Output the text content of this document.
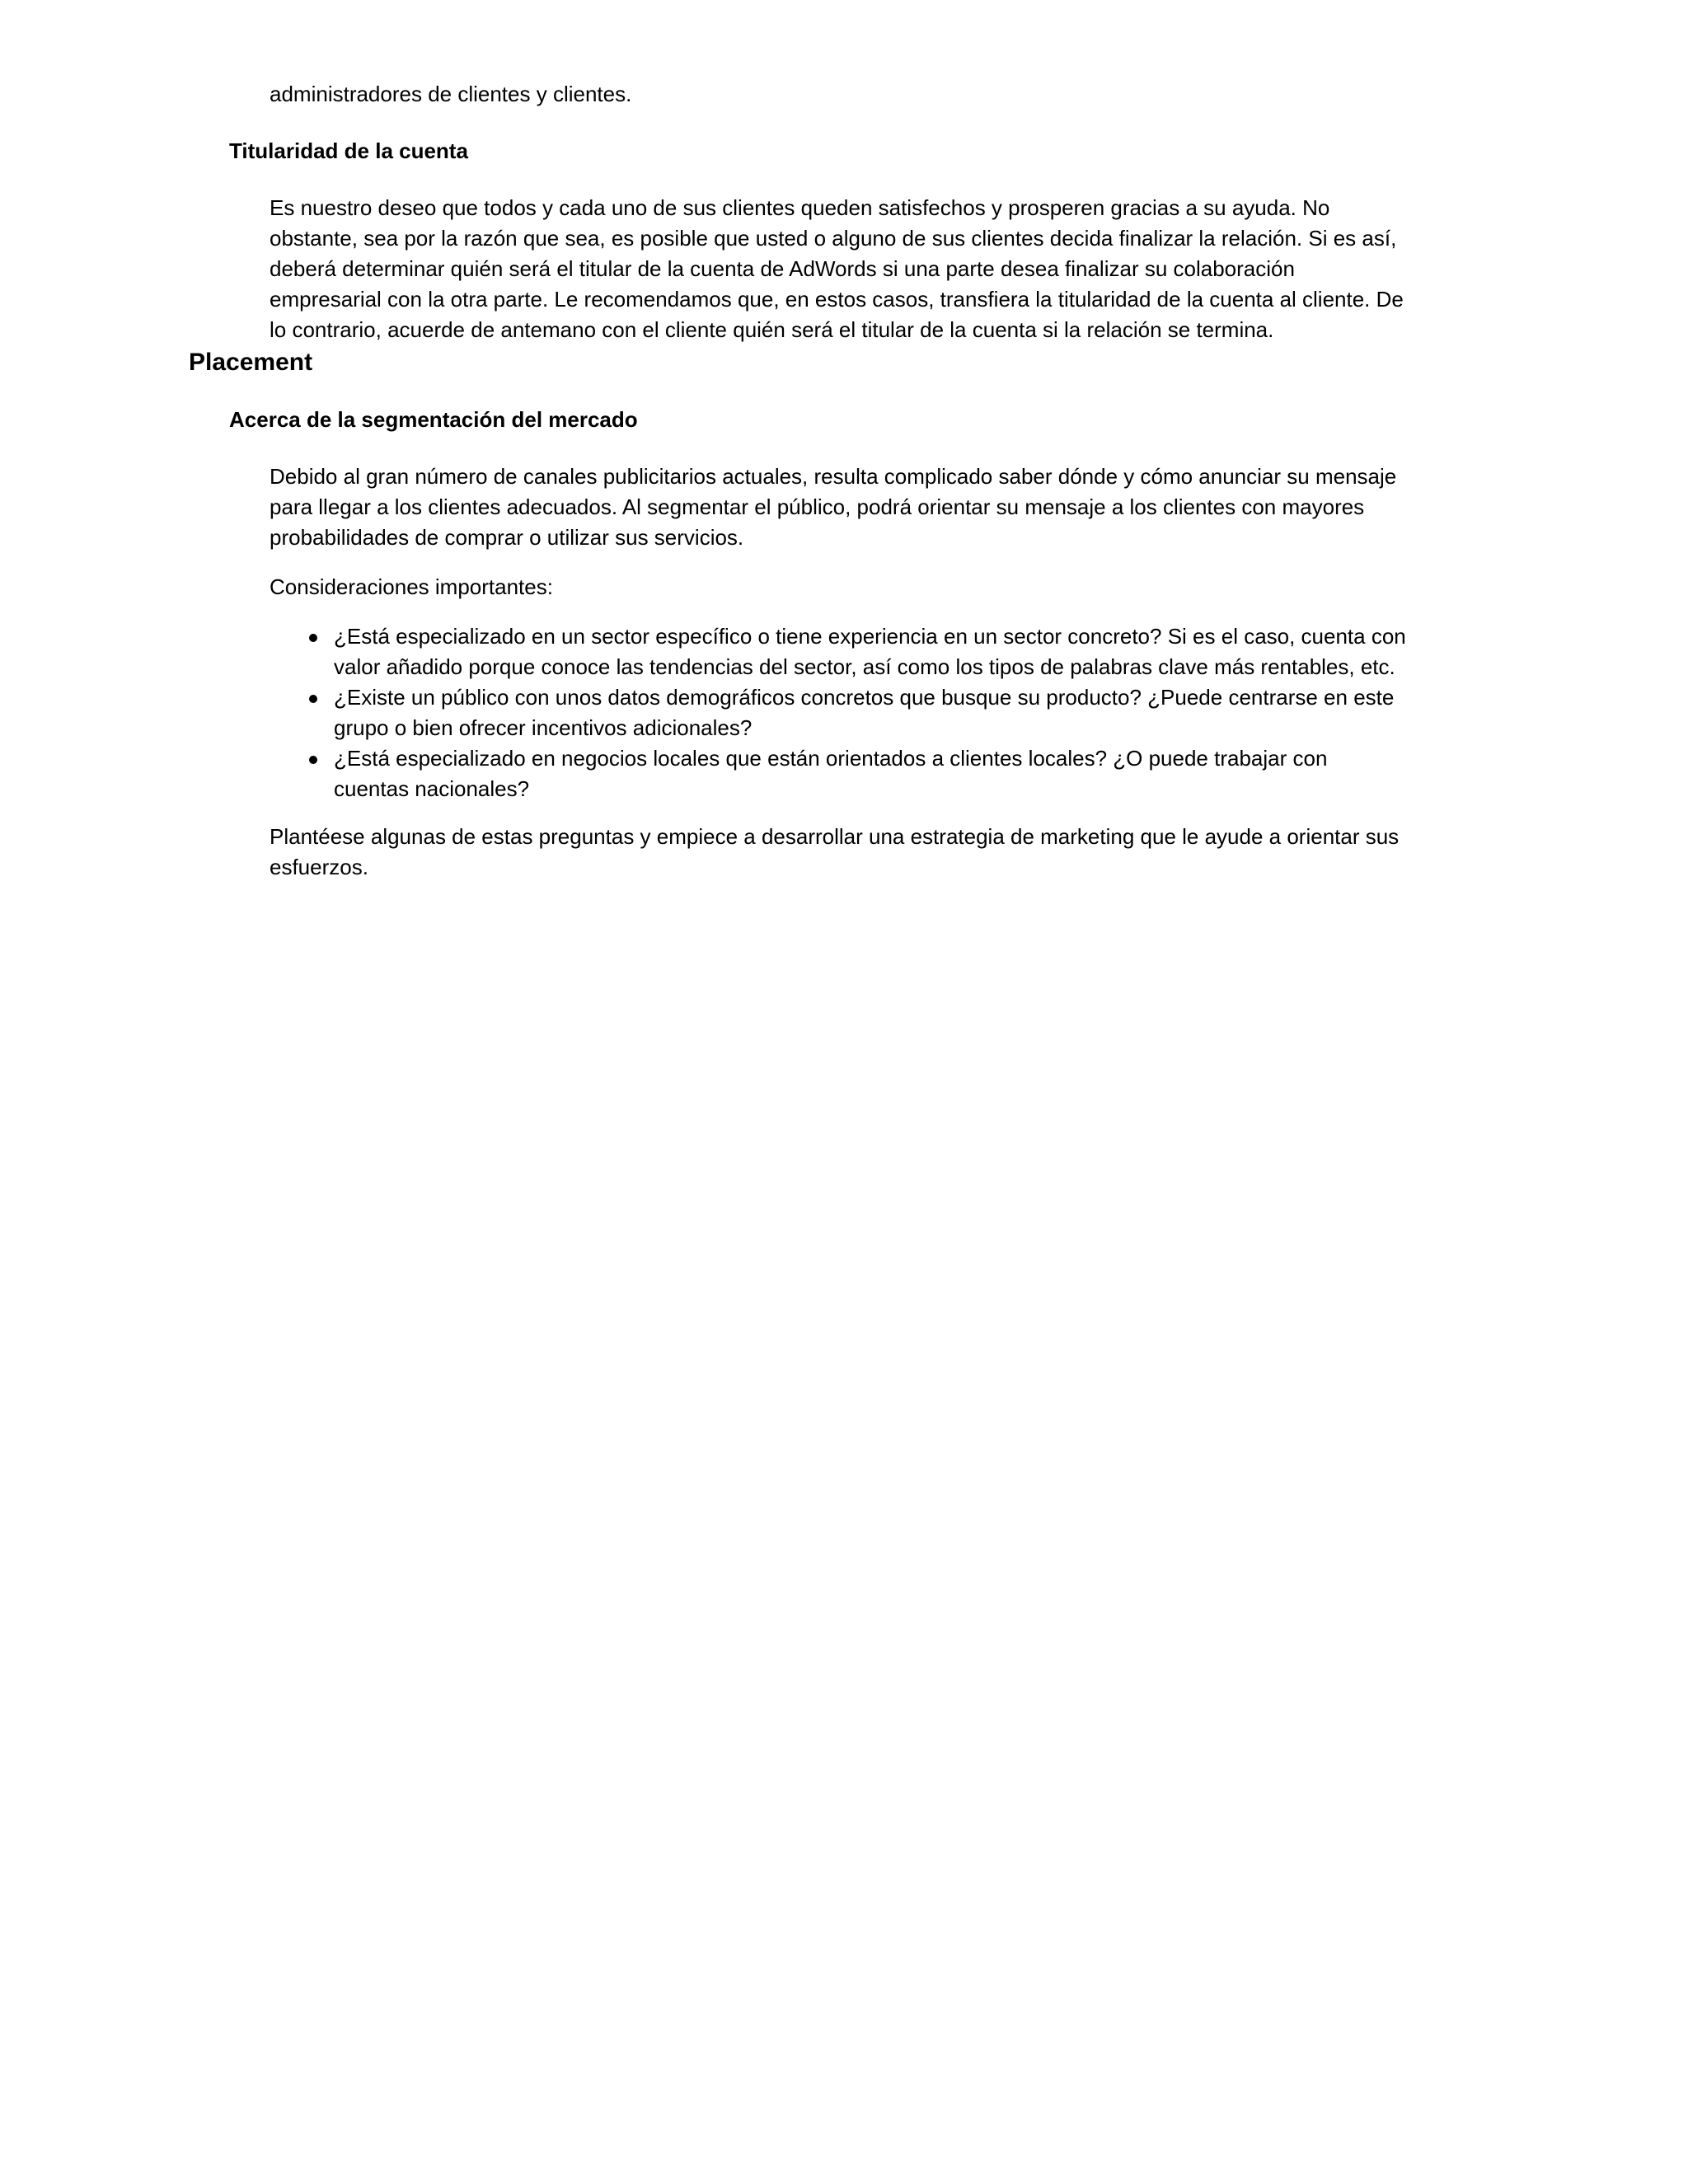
administradores de clientes y clientes.

Titularidad de la cuenta

Es nuestro deseo que todos y cada uno de sus clientes queden satisfechos y prosperen gracias a su ayuda. No obstante, sea por la razón que sea, es posible que usted o alguno de sus clientes decida finalizar la relación. Si es así, deberá determinar quién será el titular de la cuenta de AdWords si una parte desea finalizar su colaboración empresarial con la otra parte. Le recomendamos que, en estos casos, transfiera la titularidad de la cuenta al cliente. De lo contrario, acuerde de antemano con el cliente quién será el titular de la cuenta si la relación se termina.

Placement
Acerca de la segmentación del mercado

Debido al gran número de canales publicitarios actuales, resulta complicado saber dónde y cómo anunciar su mensaje para llegar a los clientes adecuados. Al segmentar el público, podrá orientar su mensaje a los clientes con mayores probabilidades de comprar o utilizar sus servicios.

Consideraciones importantes:

¿Está especializado en un sector específico o tiene experiencia en un sector concreto? Si es el caso, cuenta con valor añadido porque conoce las tendencias del sector, así como los tipos de palabras clave más rentables, etc.
¿Existe un público con unos datos demográficos concretos que busque su producto? ¿Puede centrarse en este grupo o bien ofrecer incentivos adicionales?
¿Está especializado en negocios locales que están orientados a clientes locales? ¿O puede trabajar con cuentas nacionales?

Plantéese algunas de estas preguntas y empiece a desarrollar una estrategia de marketing que le ayude a orientar sus esfuerzos.
